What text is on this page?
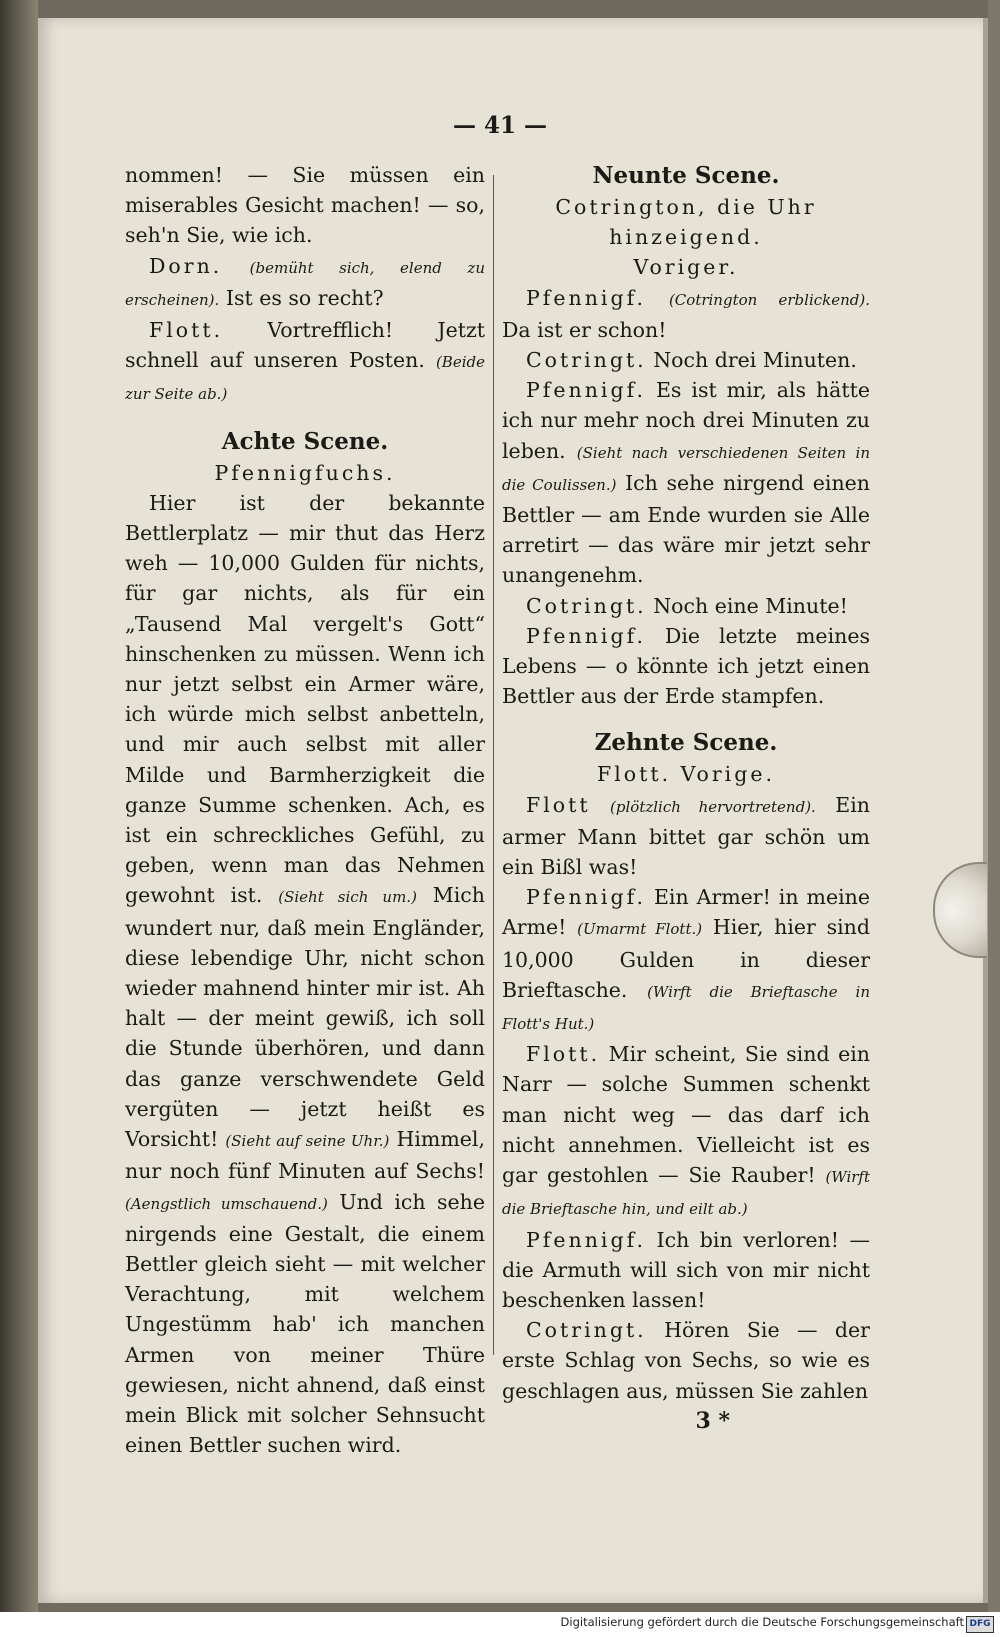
— 41 —

nommen! — Sie müssen ein miserables Gesicht machen! — so, seh'n Sie, wie ich.

Dorn. (bemüht sich, elend zu erscheinen). Ist es so recht?

Flott. Vortrefflich! Jetzt schnell auf unseren Posten. (Beide zur Seite ab.)

Achte Scene.

Pfennigfuchs.

Hier ist der bekannte Bettlerplatz — mir thut das Herz weh — 10,000 Gulden für nichts, für gar nichts, als für ein „Tausend Mal vergelt's Gott“ hinschenken zu müssen. Wenn ich nur jetzt selbst ein Armer wäre, ich würde mich selbst anbetteln, und mir auch selbst mit aller Milde und Barmherzigkeit die ganze Summe schenken. Ach, es ist ein schreckliches Gefühl, zu geben, wenn man das Nehmen gewohnt ist. (Sieht sich um.) Mich wundert nur, daß mein Engländer, diese lebendige Uhr, nicht schon wieder mahnend hinter mir ist. Ah halt — der meint gewiß, ich soll die Stunde überhören, und dann das ganze verschwendete Geld vergüten — jetzt heißt es Vorsicht! (Sieht auf seine Uhr.) Himmel, nur noch fünf Minuten auf Sechs! (Aengstlich umschauend.) Und ich sehe nirgends eine Gestalt, die einem Bettler gleich sieht — mit welcher Verachtung, mit welchem Ungestümm hab' ich manchen Armen von meiner Thüre gewiesen, nicht ahnend, daß einst mein Blick mit solcher Sehnsucht einen Bettler suchen wird.

Neunte Scene.

Cotrington, die Uhr hinzeigend.

Voriger.

Pfennigf. (Cotrington erblickend). Da ist er schon!

Cotringt. Noch drei Minuten.

Pfennigf. Es ist mir, als hätte ich nur mehr noch drei Minuten zu leben. (Sieht nach verschiedenen Seiten in die Coulissen.) Ich sehe nirgend einen Bettler — am Ende wurden sie Alle arretirt — das wäre mir jetzt sehr unangenehm.

Cotringt. Noch eine Minute!

Pfennigf. Die letzte meines Lebens — o könnte ich jetzt einen Bettler aus der Erde stampfen.

Zehnte Scene.

Flott. Vorige.

Flott (plötzlich hervortretend). Ein armer Mann bittet gar schön um ein Bißl was!

Pfennigf. Ein Armer! in meine Arme! (Umarmt Flott.) Hier, hier sind 10,000 Gulden in dieser Brieftasche. (Wirft die Brieftasche in Flott's Hut.)

Flott. Mir scheint, Sie sind ein Narr — solche Summen schenkt man nicht weg — das darf ich nicht annehmen. Vielleicht ist es gar gestohlen — Sie Rauber! (Wirft die Brieftasche hin, und eilt ab.)

Pfennigf. Ich bin verloren! — die Armuth will sich von mir nicht beschenken lassen!

Cotringt. Hören Sie — der erste Schlag von Sechs, so wie es geschlagen aus, müssen Sie zahlen

3 *

Digitalisierung gefördert durch die Deutsche Forschungsgemeinschaft DFG
